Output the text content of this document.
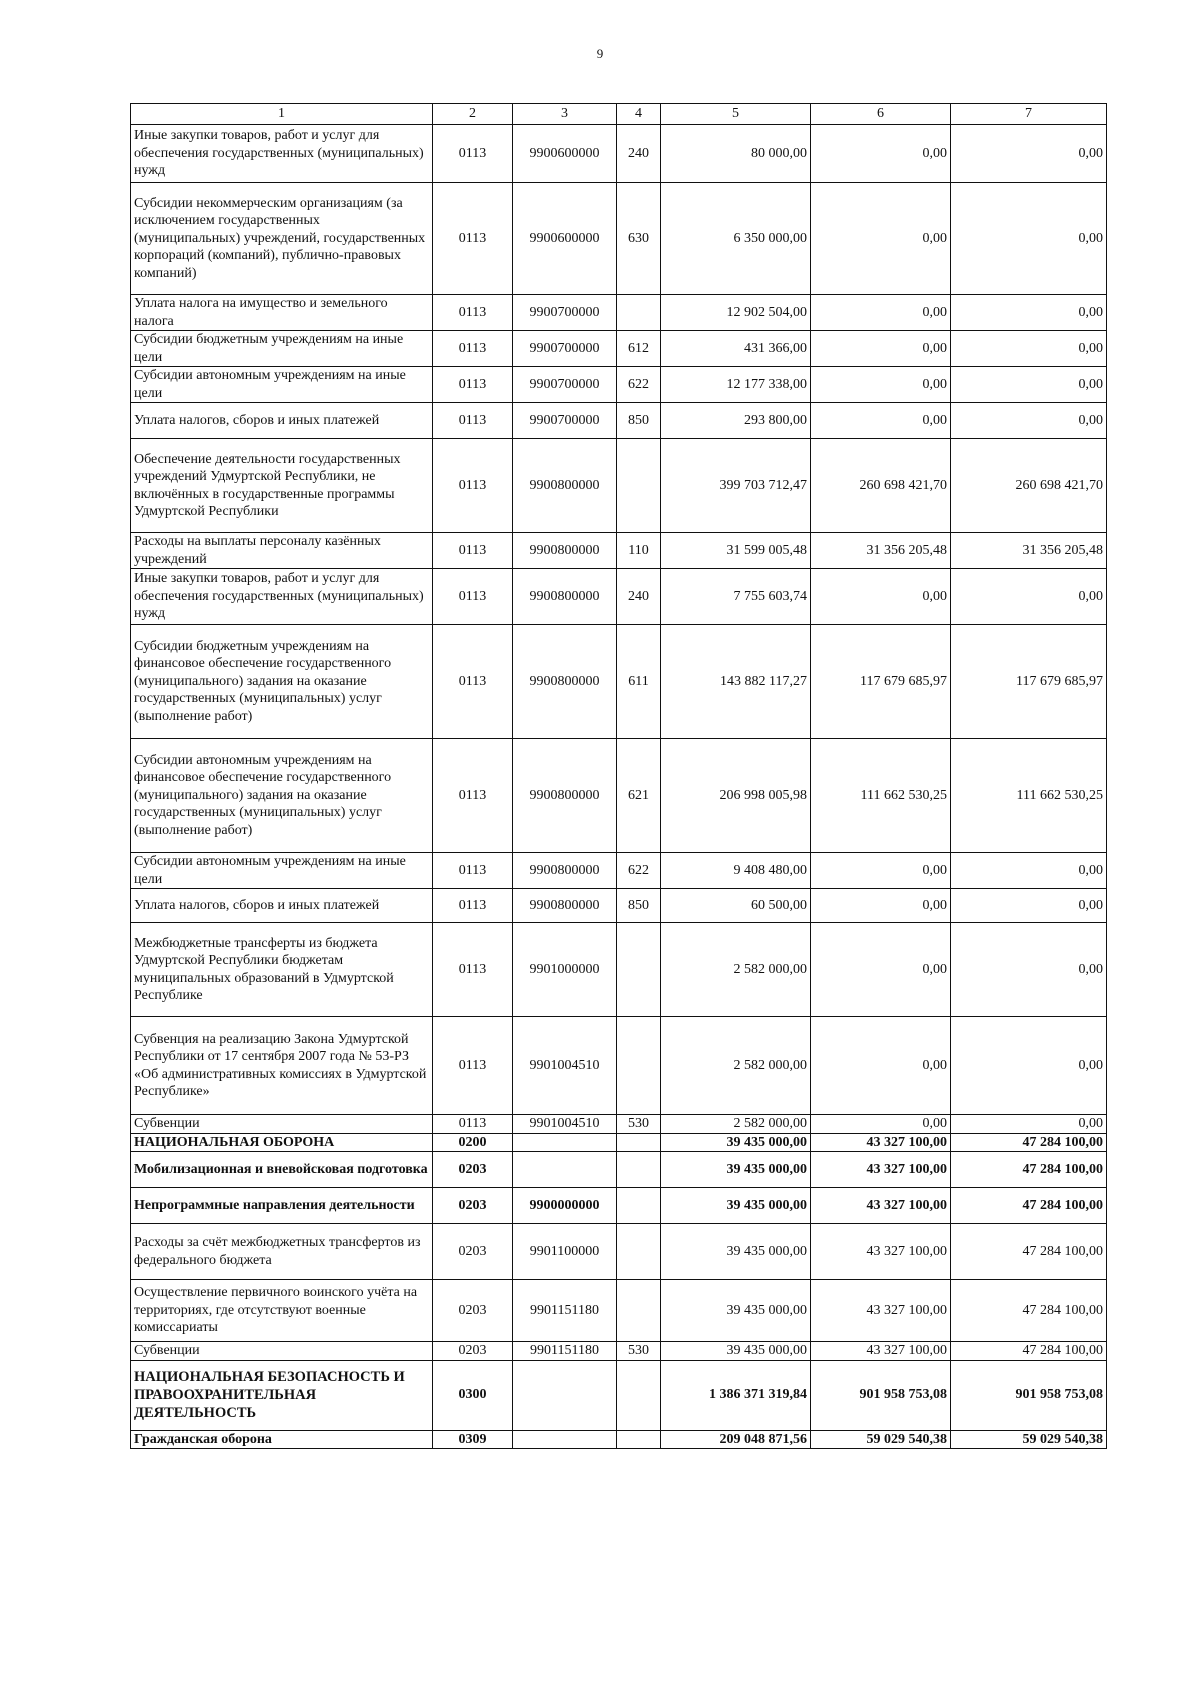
9
1	2	3	4	5	6	7
Иные закупки товаров, работ и услуг для обеспечения государственных (муниципальных) нужд	0113	9900600000	240	80 000,00	0,00	0,00
Субсидии некоммерческим организациям (за исключением государственных (муниципальных) учреждений, государственных корпораций (компаний), публично-правовых компаний)	0113	9900600000	630	6 350 000,00	0,00	0,00
Уплата налога на имущество и земельного налога	0113	9900700000		12 902 504,00	0,00	0,00
Субсидии бюджетным учреждениям на иные цели	0113	9900700000	612	431 366,00	0,00	0,00
Субсидии автономным учреждениям на иные цели	0113	9900700000	622	12 177 338,00	0,00	0,00
Уплата налогов, сборов и иных платежей	0113	9900700000	850	293 800,00	0,00	0,00
Обеспечение деятельности государственных учреждений Удмуртской Республики, не включённых в государственные программы Удмуртской Республики	0113	9900800000		399 703 712,47	260 698 421,70	260 698 421,70
Расходы на выплаты персоналу казённых учреждений	0113	9900800000	110	31 599 005,48	31 356 205,48	31 356 205,48
Иные закупки товаров, работ и услуг для обеспечения государственных (муниципальных) нужд	0113	9900800000	240	7 755 603,74	0,00	0,00
Субсидии бюджетным учреждениям на финансовое обеспечение государственного (муниципального) задания на оказание государственных (муниципальных) услуг (выполнение работ)	0113	9900800000	611	143 882 117,27	117 679 685,97	117 679 685,97
Субсидии автономным учреждениям на финансовое обеспечение государственного (муниципального) задания на оказание государственных (муниципальных) услуг (выполнение работ)	0113	9900800000	621	206 998 005,98	111 662 530,25	111 662 530,25
Субсидии автономным учреждениям на иные цели	0113	9900800000	622	9 408 480,00	0,00	0,00
Уплата налогов, сборов и иных платежей	0113	9900800000	850	60 500,00	0,00	0,00
Межбюджетные трансферты из бюджета Удмуртской Республики бюджетам муниципальных образований в Удмуртской Республике	0113	9901000000		2 582 000,00	0,00	0,00
Субвенция на реализацию Закона Удмуртской Республики от 17 сентября 2007 года № 53-РЗ «Об административных комиссиях в Удмуртской Республике»	0113	9901004510		2 582 000,00	0,00	0,00
Субвенции	0113	9901004510	530	2 582 000,00	0,00	0,00
НАЦИОНАЛЬНАЯ ОБОРОНА	0200			39 435 000,00	43 327 100,00	47 284 100,00
Мобилизационная и вневойсковая подготовка	0203			39 435 000,00	43 327 100,00	47 284 100,00
Непрограммные направления деятельности	0203	9900000000		39 435 000,00	43 327 100,00	47 284 100,00
Расходы за счёт межбюджетных трансфертов из федерального бюджета	0203	9901100000		39 435 000,00	43 327 100,00	47 284 100,00
Осуществление первичного воинского учёта на территориях, где отсутствуют военные комиссариаты	0203	9901151180		39 435 000,00	43 327 100,00	47 284 100,00
Субвенции	0203	9901151180	530	39 435 000,00	43 327 100,00	47 284 100,00
НАЦИОНАЛЬНАЯ БЕЗОПАСНОСТЬ И ПРАВООХРАНИТЕЛЬНАЯ ДЕЯТЕЛЬНОСТЬ	0300			1 386 371 319,84	901 958 753,08	901 958 753,08
Гражданская оборона	0309			209 048 871,56	59 029 540,38	59 029 540,38
